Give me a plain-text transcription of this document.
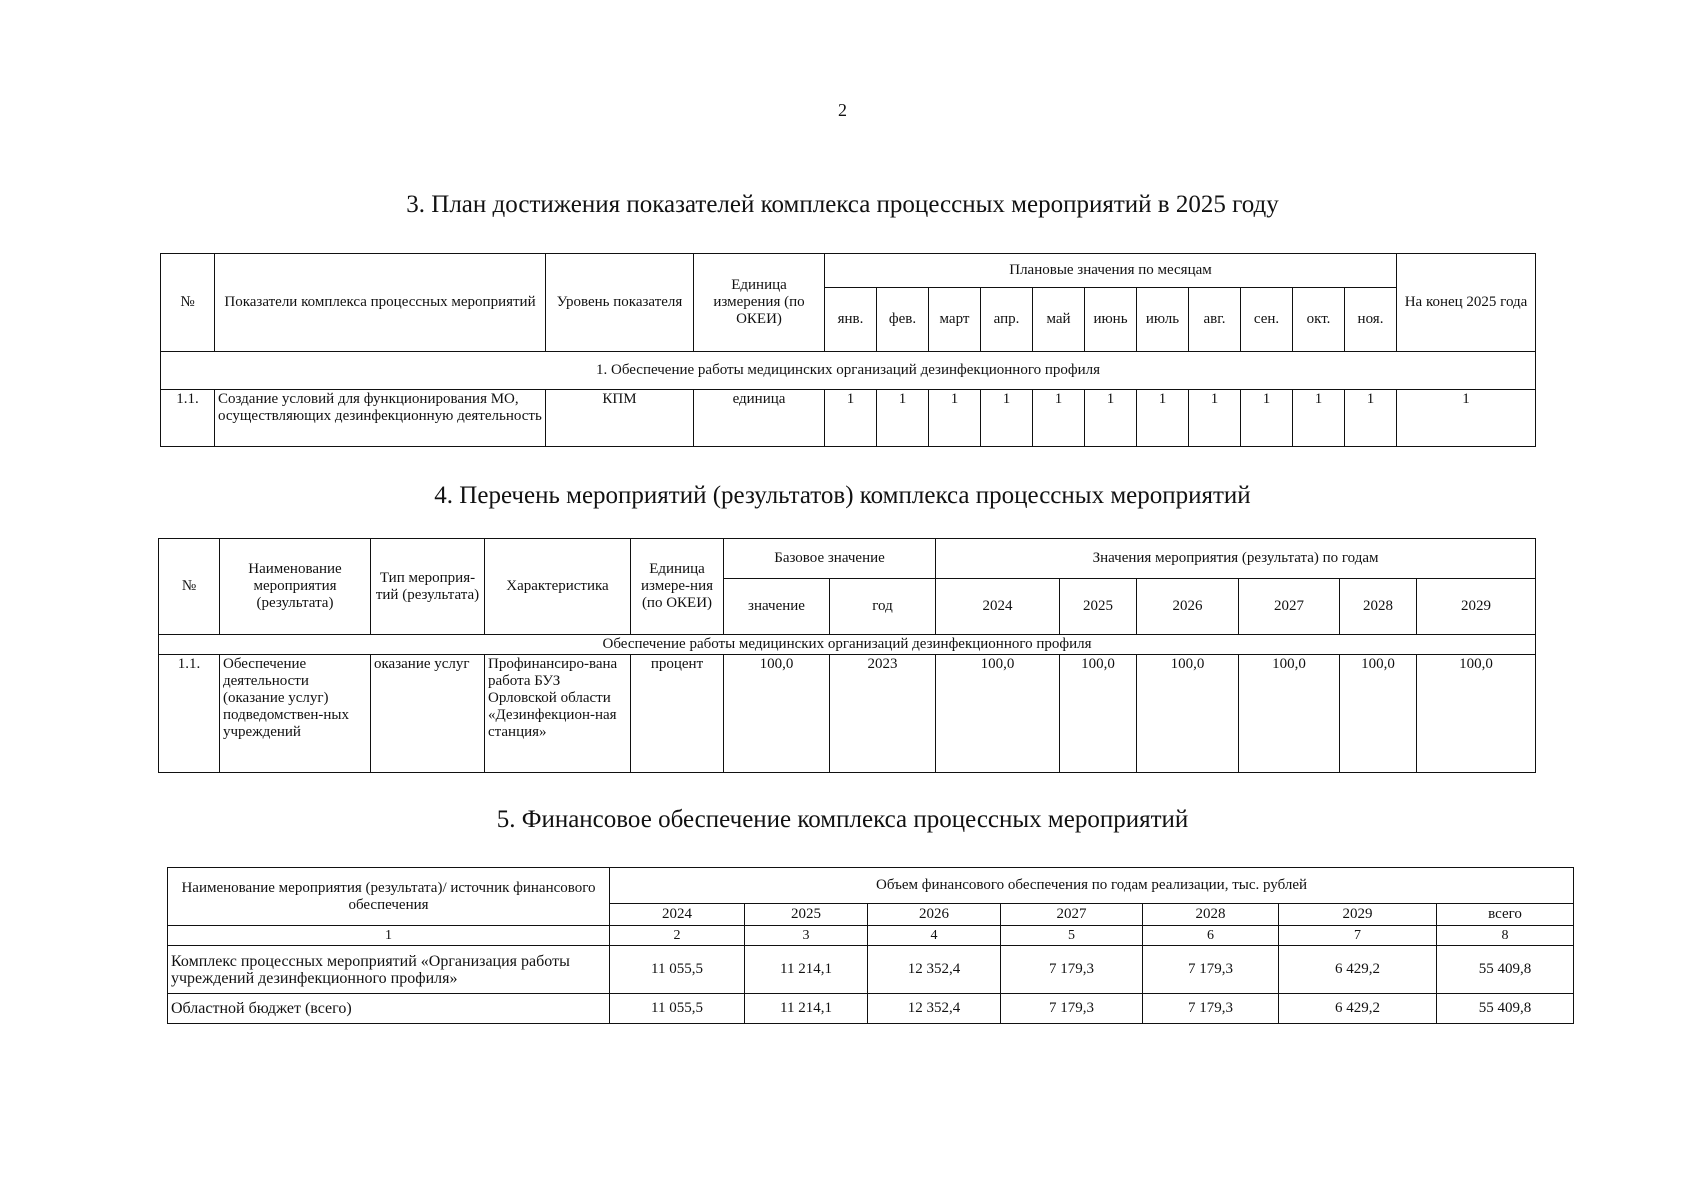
2
3. План достижения показателей комплекса процессных мероприятий в 2025 году
№	Показатели комплекса процессных мероприятий	Уровень показателя	Единица измерения (по ОКЕИ)	Плановые значения по месяцам											На конец 2025 года
				янв.	фев.	март	апр.	май	июнь	июль	авг.	сен.	окт.	ноя.	
1. Обеспечение работы медицинских организаций дезинфекционного профиля															
1.1.	Создание условий для функционирования МО, осуществляющих дезинфекционную деятельность	КПМ	единица	1	1	1	1	1	1	1	1	1	1	1	1
4. Перечень мероприятий (результатов) комплекса процессных мероприятий
№	Наименование мероприятия (результата)	Тип мероприя-тий (результата)	Характеристика	Единица измере-ния (по ОКЕИ)	Базовое значение		Значения мероприятия (результата) по годам					
					значение	год	2024	2025	2026	2027	2028	2029
Обеспечение работы медицинских организаций дезинфекционного профиля												
1.1.	Обеспечение деятельности (оказание услуг) подведомствен-ных учреждений	оказание услуг	Профинансиро-вана работа БУЗ Орловской области «Дезинфекцион-ная станция»	процент	100,0	2023	100,0	100,0	100,0	100,0	100,0	100,0
5. Финансовое обеспечение комплекса процессных мероприятий
Наименование мероприятия (результата)/ источник финансового обеспечения	Объем финансового обеспечения по годам реализации, тыс. рублей						
	2024	2025	2026	2027	2028	2029	всего
1	2	3	4	5	6	7	8
Комплекс процессных мероприятий «Организация работы учреждений дезинфекционного профиля»	11 055,5	11 214,1	12 352,4	7 179,3	7 179,3	6 429,2	55 409,8
Областной бюджет (всего)	11 055,5	11 214,1	12 352,4	7 179,3	7 179,3	6 429,2	55 409,8
